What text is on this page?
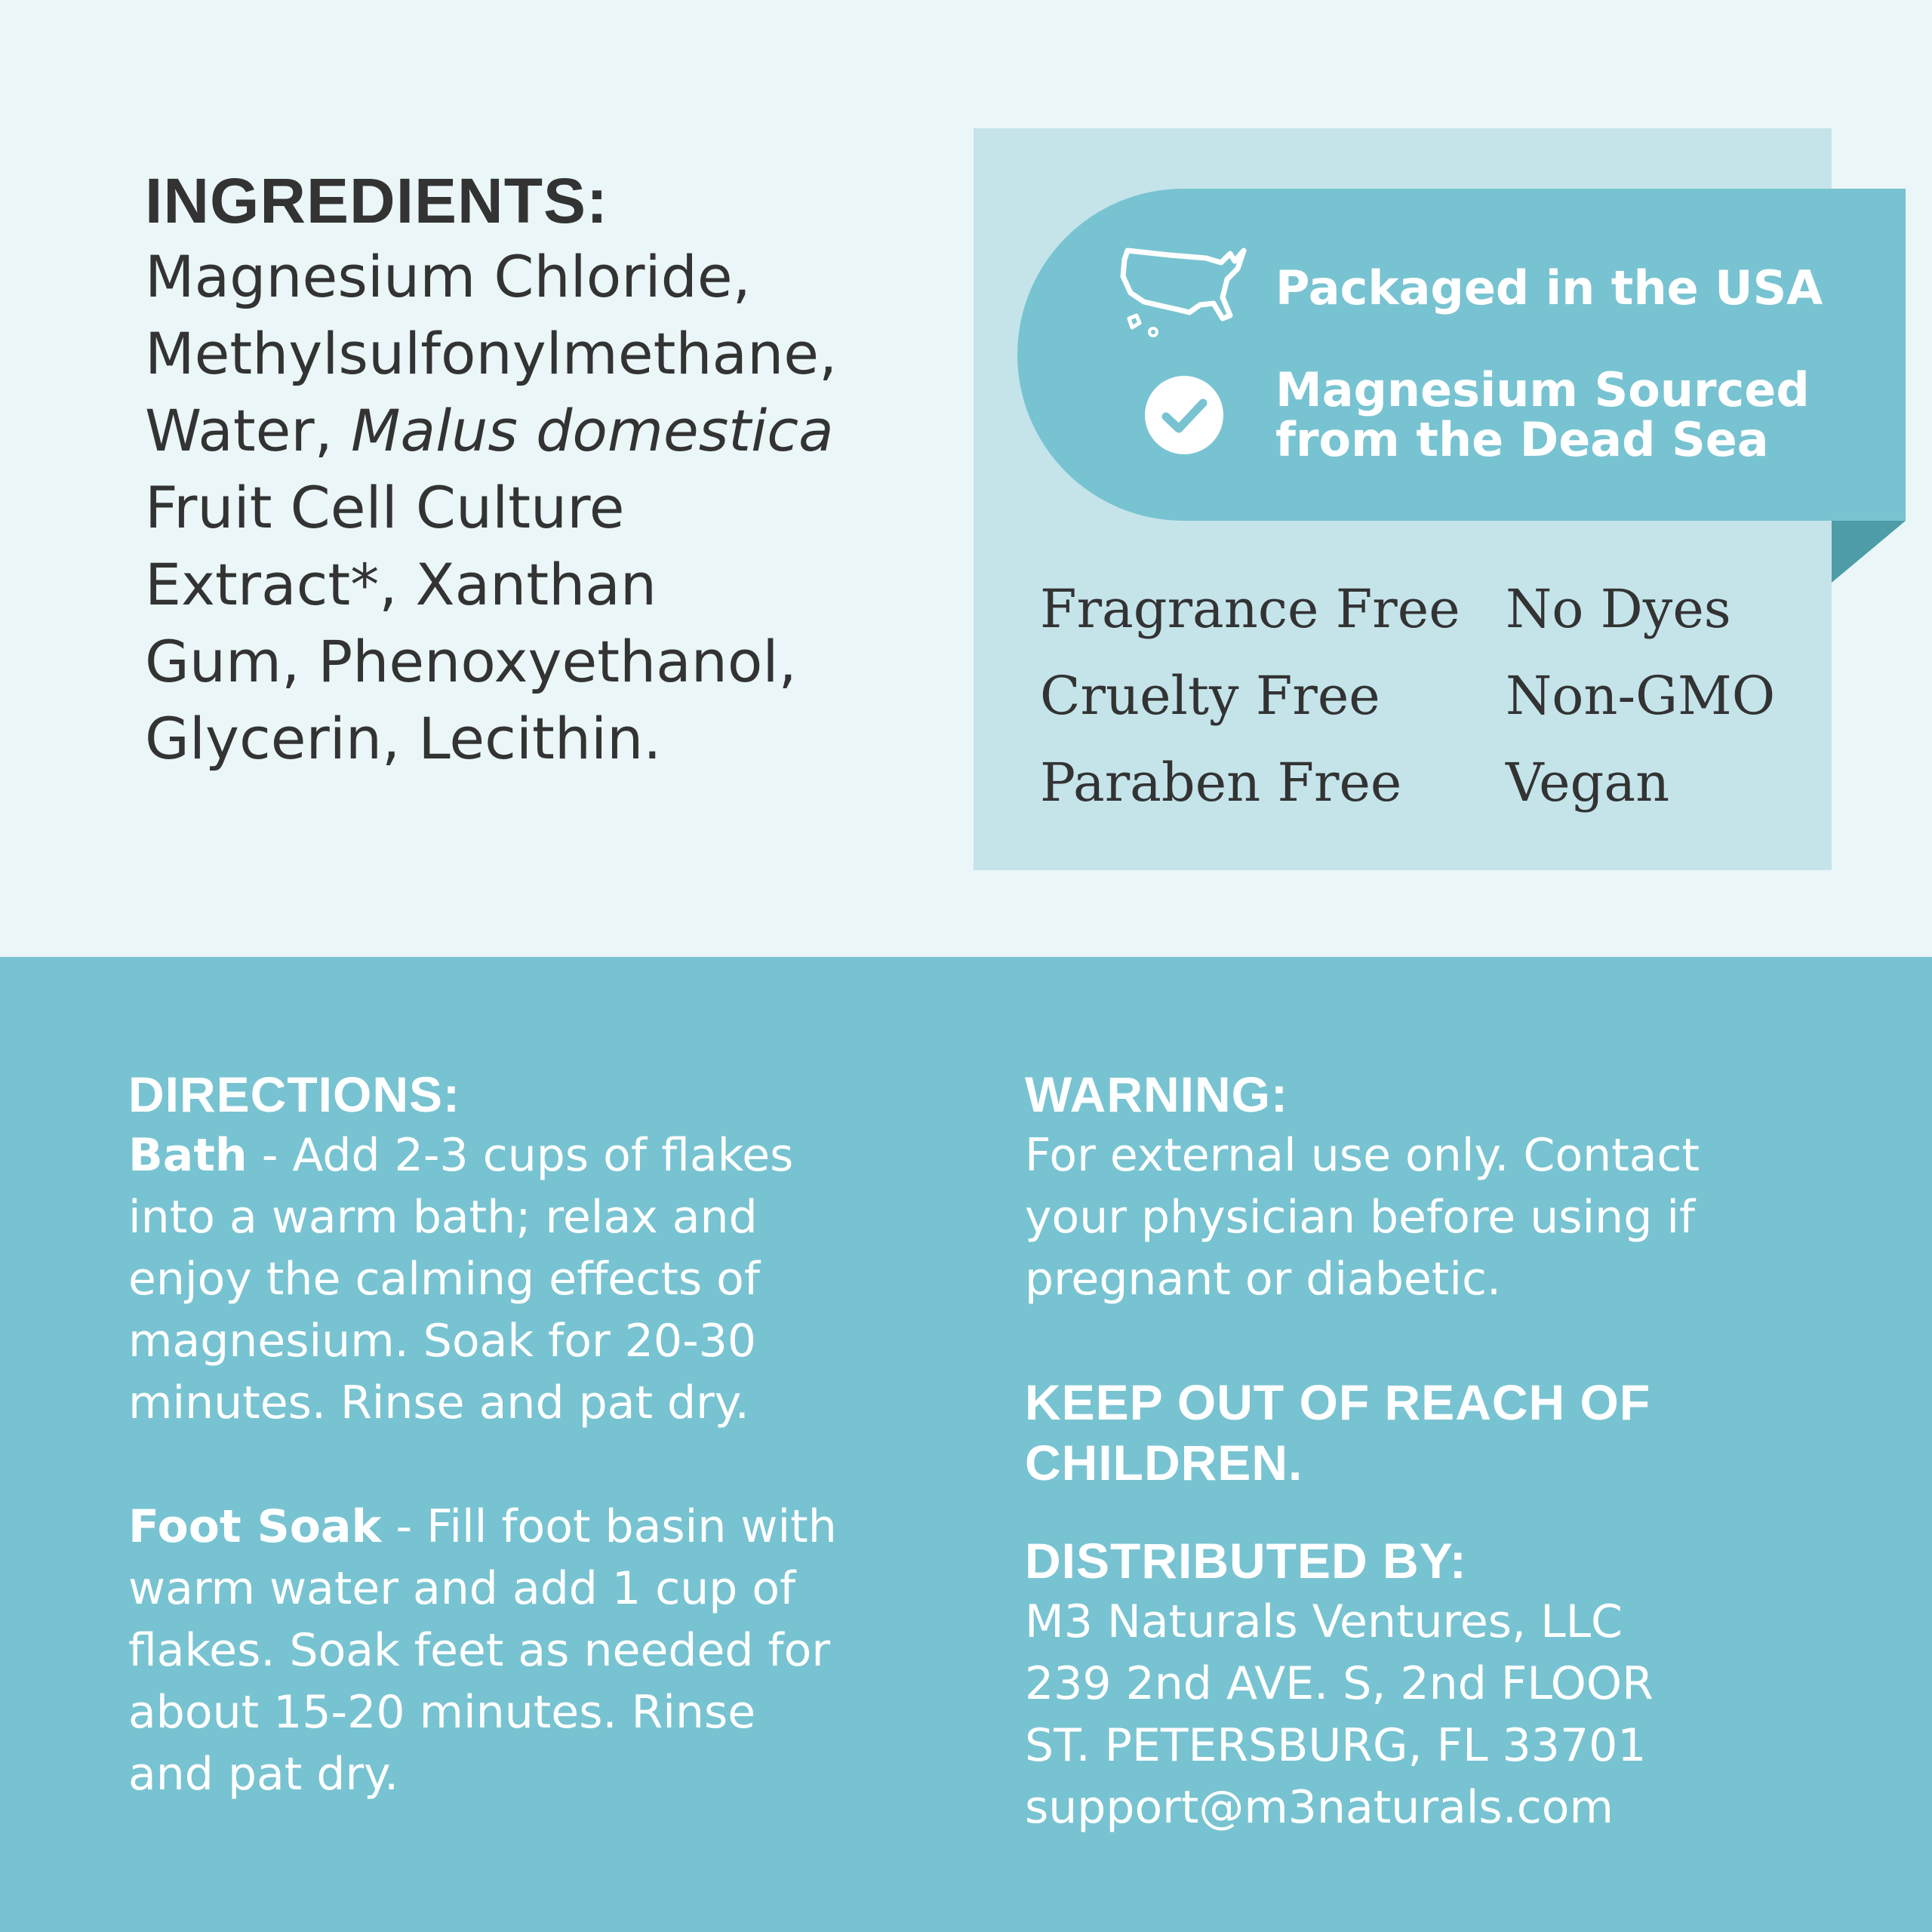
INGREDIENTS:
Magnesium Chloride,
Methylsulfonylmethane,
Water, Malus domestica
Fruit Cell Culture
Extract*, Xanthan
Gum, Phenoxyethanol,
Glycerin, Lecithin.
Packaged in the USA
Magnesium Sourced
from the Dead Sea
Fragrance Free
Cruelty Free
Paraben Free
No Dyes
Non-GMO
Vegan
DIRECTIONS:
Bath - Add 2-3 cups of flakes
into a warm bath; relax and
enjoy the calming effects of
magnesium. Soak for 20-30
minutes. Rinse and pat dry.
Foot Soak - Fill foot basin with
warm water and add 1 cup of
flakes. Soak feet as needed for
about 15-20 minutes. Rinse
and pat dry.
WARNING:
For external use only. Contact
your physician before using if
pregnant or diabetic.
KEEP OUT OF REACH OF
CHILDREN.
DISTRIBUTED BY:
M3 Naturals Ventures, LLC
239 2nd AVE. S, 2nd FLOOR
ST. PETERSBURG, FL 33701
support@m3naturals.com
